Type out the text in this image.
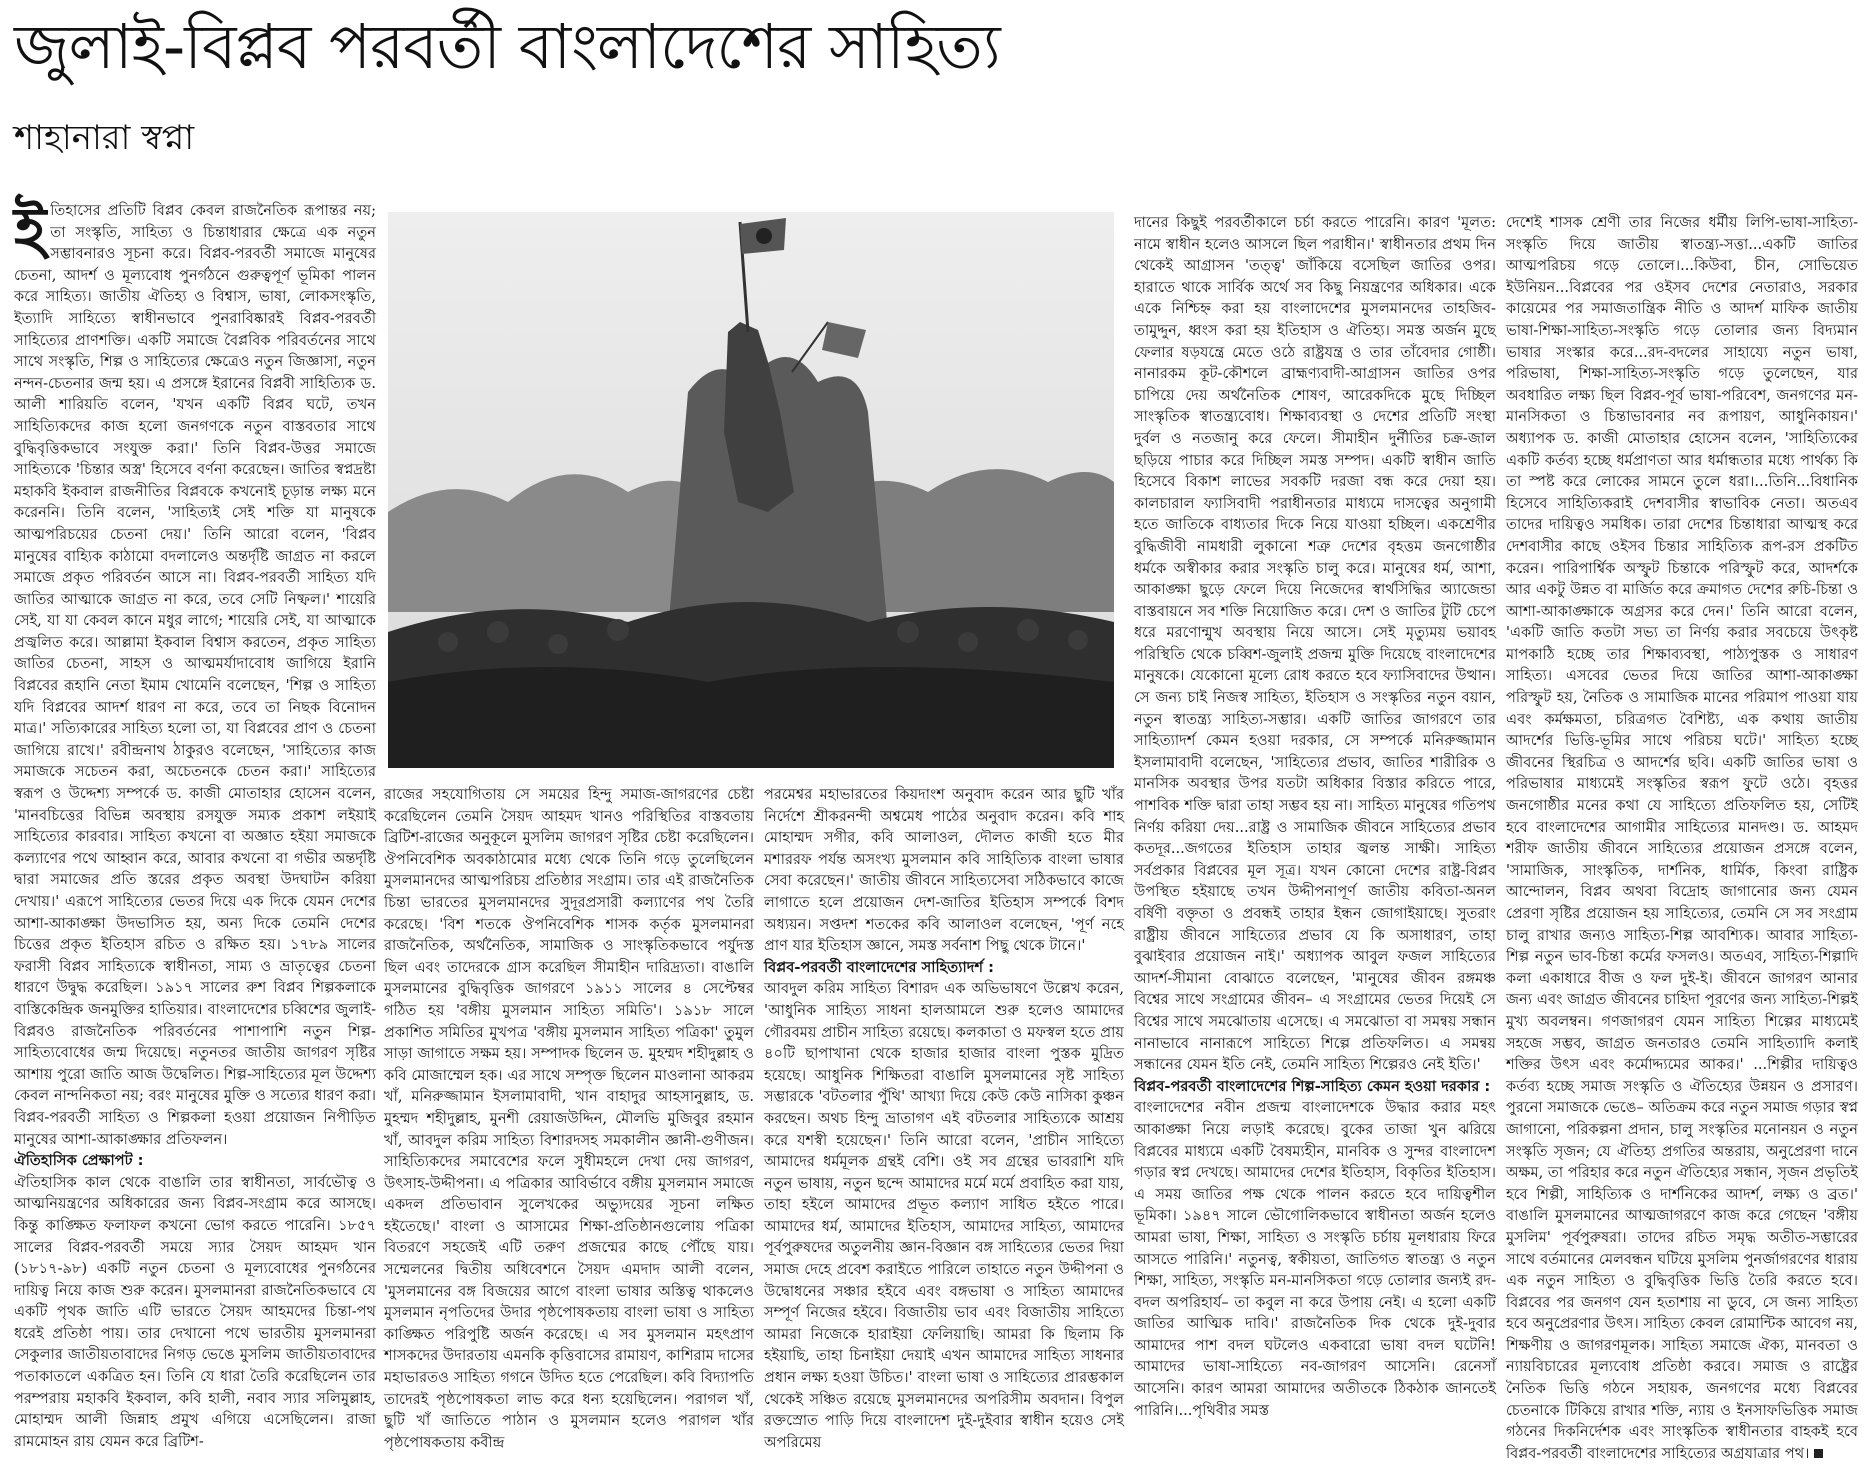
জুলাই-বিপ্লব পরবর্তী বাংলাদেশের সাহিত্য
শাহানারা স্বপ্না

ইতিহাসের প্রতিটি বিপ্লব কেবল রাজনৈতিক রূপান্তর নয়; তা সংস্কৃতি, সাহিত্য ও চিন্তাধারার ক্ষেত্রে এক নতুন সম্ভাবনারও সূচনা করে। বিপ্লব-পরবর্তী সমাজে মানুষের চেতনা, আদর্শ ও মূল্যবোধ পুনর্গঠনে গুরুত্বপূর্ণ ভূমিকা পালন করে সাহিত্য। জাতীয় ঐতিহ্য ও বিশ্বাস, ভাষা, লোকসংস্কৃতি, ইত্যাদি সাহিত্যে স্বাধীনভাবে পুনরাবিষ্কারই বিপ্লব-পরবর্তী সাহিত্যের প্রাণশক্তি। একটি সমাজে বৈপ্লবিক পরিবর্তনের সাথে সাথে সংস্কৃতি, শিল্প ও সাহিত্যের ক্ষেত্রেও নতুন জিজ্ঞাসা, নতুন নন্দন-চেতনার জন্ম হয়। এ প্রসঙ্গে ইরানের বিপ্লবী সাহিত্যিক ড. আলী শারিয়তি বলেন, 'যখন একটি বিপ্লব ঘটে, তখন সাহিত্যিকদের কাজ হলো জনগণকে নতুন বাস্তবতার সাথে বুদ্ধিবৃত্তিকভাবে সংযুক্ত করা।' তিনি বিপ্লব-উত্তর সমাজে সাহিত্যকে 'চিন্তার অস্ত্র' হিসেবে বর্ণনা করেছেন। জাতির স্বপ্নদ্রষ্টা মহাকবি ইকবাল রাজনীতির বিপ্লবকে কখনোই চূড়ান্ত লক্ষ্য মনে করেননি। তিনি বলেন, 'সাহিত্যই সেই শক্তি যা মানুষকে আত্মপরিচয়ের চেতনা দেয়।' তিনি আরো বলেন, 'বিপ্লব মানুষের বাহ্যিক কাঠামো বদলালেও অন্তর্দৃষ্টি জাগ্রত না করলে সমাজে প্রকৃত পরিবর্তন আসে না। বিপ্লব-পরবর্তী সাহিত্য যদি জাতির আত্মাকে জাগ্রত না করে, তবে সেটি নিষ্ফল।' শায়েরি সেই, যা যা কেবল কানে মধুর লাগে; শায়েরি সেই, যা আত্মাকে প্রজ্বলিত করে। আল্লামা ইকবাল বিশ্বাস করতেন, প্রকৃত সাহিত্য জাতির চেতনা, সাহস ও আত্মমর্যাদাবোধ জাগিয়ে ইরানি বিপ্লবের রূহানি নেতা ইমাম খোমেনি বলেছেন, 'শিল্প ও সাহিত্য যদি বিপ্লবের আদর্শ ধারণ না করে, তবে তা নিছক বিনোদন মাত্র।' সত্যিকারের সাহিত্য হলো তা, যা বিপ্লবের প্রাণ ও চেতনা জাগিয়ে রাখে।' রবীন্দ্রনাথ ঠাকুরও বলেছেন, 'সাহিত্যের কাজ সমাজকে সচেতন করা, অচেতনকে চেতন করা।' সাহিত্যের স্বরূপ ও উদ্দেশ্য সম্পর্কে ড. কাজী মোতাহার হোসেন বলেন, 'মানবচিত্তের বিভিন্ন অবস্থায় রসযুক্ত সম্যক প্রকাশ লইয়াই সাহিত্যের কারবার। সাহিত্য কখনো বা অজ্ঞাত হইয়া সমাজকে কল্যাণের পথে আহ্বান করে, আবার কখনো বা গভীর অন্তর্দৃষ্টি দ্বারা সমাজের প্রতি স্তরের প্রকৃত অবস্থা উদঘাটন করিয়া দেখায়।' এরূপে সাহিত্যের ভেতর দিয়ে এক দিকে যেমন দেশের আশা-আকাঙ্ক্ষা উদভাসিত হয়, অন্য দিকে তেমনি দেশের চিত্তের প্রকৃত ইতিহাস রচিত ও রক্ষিত হয়। ১৭৮৯ সালের ফরাসী বিপ্লব সাহিত্যকে স্বাধীনতা, সাম্য ও ভ্রাতৃত্বের চেতনা ধারণে উদ্বুদ্ধ করেছিল। ১৯১৭ সালের রুশ বিপ্লব শিল্পকলাকে বাস্তিকেন্দ্রিক জনমুক্তির হাতিয়ার। বাংলাদেশের চব্বিশের জুলাই-বিপ্লবও রাজনৈতিক পরিবর্তনের পাশাপাশি নতুন শিল্প-সাহিত্যবোধের জন্ম দিয়েছে। নতুনতর জাতীয় জাগরণ সৃষ্টির আশায় পুরো জাতি আজ উদ্বেলিত। শিল্প-সাহিত্যের মূল উদ্দেশ্য কেবল নান্দনিকতা নয়; বরং মানুষের মুক্তি ও সত্যের ধারণ করা। বিপ্লব-পরবর্তী সাহিত্য ও শিল্পকলা হওয়া প্রয়োজন নিপীড়িত মানুষের আশা-আকাঙ্ক্ষার প্রতিফলন।

ঐতিহাসিক প্রেক্ষাপট :

ঐতিহাসিক কাল থেকে বাঙালি তার স্বাধীনতা, সার্বভৌত্ব ও আত্মনিয়ন্ত্রণের অধিকারের জন্য বিপ্লব-সংগ্রাম করে আসছে। কিন্তু কাঙ্ক্ষিত ফলাফল কখনো ভোগ করতে পারেনি। ১৮৫৭ সালের বিপ্লব-পরবর্তী সময়ে স্যার সৈয়দ আহমদ খান (১৮১৭-৯৮) একটি নতুন চেতনা ও মূল্যবোধের পুনর্গঠনের দায়িত্ব নিয়ে কাজ শুরু করেন। মুসলমানরা রাজনৈতিকভাবে যে একটি পৃথক জাতি এটি ভারতে সৈয়দ আহমদের চিন্তা-পথ ধরেই প্রতিষ্ঠা পায়। তার দেখানো পথে ভারতীয় মুসলমানরা সেকুলার জাতীয়তাবাদের নিগড় ভেঙে মুসলিম জাতীয়তাবাদের পতাকাতলে একত্রিত হন। তিনি যে ধারা তৈরি করেছিলেন তার পরম্পরায় মহাকবি ইকবাল, কবি হালী, নবাব স্যার সলিমুল্লাহ, মোহাম্মদ আলী জিন্নাহ প্রমুখ এগিয়ে এসেছিলেন। রাজা রামমোহন রায় যেমন করে ব্রিটিশ-

রাজের সহযোগিতায় সে সময়ের হিন্দু সমাজ-জাগরণের চেষ্টা করেছিলেন তেমনি সৈয়দ আহমদ খানও পরিস্থিতির বাস্তবতায় ব্রিটিশ-রাজের অনুকূলে মুসলিম জাগরণ সৃষ্টির চেষ্টা করেছিলেন। ঔপনিবেশিক অবকাঠামোর মধ্যে থেকে তিনি গড়ে তুলেছিলেন মুসলমানদের আত্মপরিচয় প্রতিষ্ঠার সংগ্রাম। তার এই রাজনৈতিক চিন্তা ভারতের মুসলমানদের সুদূরপ্রসারী কল্যাণের পথ তৈরি করেছে। 'বিশ শতকে ঔপনিবেশিক শাসক কর্তৃক মুসলমানরা রাজনৈতিক, অর্থনৈতিক, সামাজিক ও সাংস্কৃতিকভাবে পর্যুদস্ত ছিল এবং তাদেরকে গ্রাস করেছিল সীমাহীন দারিদ্র্যতা। বাঙালি মুসলমানের বুদ্ধিবৃত্তিক জাগরণে ১৯১১ সালের ৪ সেপ্টেম্বর গঠিত হয় 'বঙ্গীয় মুসলমান সাহিত্য সমিতি'। ১৯১৮ সালে প্রকাশিত সমিতির মুখপত্র 'বঙ্গীয় মুসলমান সাহিত্য পত্রিকা' তুমুল সাড়া জাগাতে সক্ষম হয়। সম্পাদক ছিলেন ড. মুহম্মদ শহীদুল্লাহ ও কবি মোজাম্মেল হক। এর সাথে সম্পৃক্ত ছিলেন মাওলানা আকরম খাঁ, মনিরুজ্জামান ইসলামাবাদী, খান বাহাদুর আহসানুল্লাহ, ড. মুহম্মদ শহীদুল্লাহ, মুনশী রেয়াজউদ্দিন, মৌলভি মুজিবুর রহমান খাঁ, আবদুল করিম সাহিত্য বিশারদসহ সমকালীন জ্ঞানী-গুণীজন। সাহিত্যিকদের সমাবেশের ফলে সুধীমহলে দেখা দেয় জাগরণ, উৎসাহ-উদ্দীপনা। এ পত্রিকার আবির্ভাবে বঙ্গীয় মুসলমান সমাজে একদল প্রতিভাবান সুলেখকের অভ্যুদয়ের সূচনা লক্ষিত হইতেছে।' বাংলা ও আসামের শিক্ষা-প্রতিষ্ঠানগুলোয় পত্রিকা বিতরণে সহজেই এটি তরুণ প্রজন্মের কাছে পৌঁছে যায়। সম্মেলনের দ্বিতীয় অধিবেশনে সৈয়দ এমদাদ আলী বলেন, 'মুসলমানের বঙ্গ বিজয়ের আগে বাংলা ভাষার অস্তিত্ব থাকলেও মুসলমান নৃপতিদের উদার পৃষ্ঠপোষকতায় বাংলা ভাষা ও সাহিত্য কাঙ্ক্ষিত পরিপুষ্টি অর্জন করেছে। এ সব মুসলমান মহৎপ্রাণ শাসকদের উদারতায় এমনকি কৃত্তিবাসের রামায়ণ, কাশিরাম দাসের মহাভারতও সাহিত্য গগনে উদিত হতে পেরেছিল। কবি বিদ্যাপতি তাদেরই পৃষ্ঠপোষকতা লাভ করে ধন্য হয়েছিলেন। পরাগল খাঁ, ছুটি খাঁ জাতিতে পাঠান ও মুসলমান হলেও পরাগল খাঁর পৃষ্ঠপোষকতায় কবীন্দ্র

পরমেশ্বর মহাভারতের কিয়দাংশ অনুবাদ করেন আর ছুটি খাঁর নির্দেশে শ্রীকরনন্দী অশ্বমেধ পাঠের অনুবাদ করেন। কবি শাহ মোহাম্মদ সগীর, কবি আলাওল, দৌলত কাজী হতে মীর মশাররফ পর্যন্ত অসংখ্য মুসলমান কবি সাহিত্যিক বাংলা ভাষার সেবা করেছেন।' জাতীয় জীবনে সাহিত্যসেবা সঠিকভাবে কাজে লাগাতে হলে প্রয়োজন দেশ-জাতির ইতিহাস সম্পর্কে বিশদ অধ্যয়ন। সপ্তদশ শতকের কবি আলাওল বলেছেন, 'পূর্ণ নহে প্রাণ যার ইতিহাস জ্ঞানে, সমস্ত সর্বনাশ পিছু থেকে টানে।'

বিপ্লব-পরবর্তী বাংলাদেশের সাহিত্যাদর্শ :

আবদুল করিম সাহিত্য বিশারদ এক অভিভাষণে উল্লেখ করেন, 'আধুনিক সাহিত্য সাধনা হালআমলে শুরু হলেও আমাদের গৌরবময় প্রাচীন সাহিত্য রয়েছে। কলকাতা ও মফস্বল হতে প্রায় ৪০টি ছাপাখানা থেকে হাজার হাজার বাংলা পুস্তক মুদ্রিত হয়েছে। আধুনিক শিক্ষিতরা বাঙালি মুসলমানের সৃষ্ট সাহিত্য সম্ভারকে 'বটতলার পুঁথি' আখ্যা দিয়ে কেউ কেউ নাসিকা কুঞ্চন করছেন। অথচ হিন্দু ভ্রাতাগণ এই বটতলার সাহিত্যকে আশ্রয় করে যশস্বী হয়েছেন।' তিনি আরো বলেন, 'প্রাচীন সাহিত্যে আমাদের ধর্মমূলক গ্রন্থই বেশি। ওই সব গ্রন্থের ভাবরাশি যদি নতুন ভাষায়, নতুন ছন্দে আমাদের মর্মে মর্মে প্রবাহিত করা যায়, তাহা হইলে আমাদের প্রভূত কল্যাণ সাধিত হইতে পারে। আমাদের ধর্ম, আমাদের ইতিহাস, আমাদের সাহিত্য, আমাদের পূর্বপুরুষদের অতুলনীয় জ্ঞান-বিজ্ঞান বঙ্গ সাহিত্যের ভেতর দিয়া সমাজ দেহে প্রবেশ করাইতে পারিলে তাহাতে নতুন উদ্দীপনা ও উদ্বোধনের সঞ্চার হইবে এবং বঙ্গভাষা ও সাহিত্য আমাদের সম্পূর্ণ নিজের হইবে। বিজাতীয় ভাব এবং বিজাতীয় সাহিত্যে আমরা নিজেকে হারাইয়া ফেলিয়াছি। আমরা কি ছিলাম কি হইয়াছি, তাহা চিনাইয়া দেয়াই এখন আমাদের সাহিত্য সাধনার প্রধান লক্ষ্য হওয়া উচিত।' বাংলা ভাষা ও সাহিত্যের প্রারম্ভকাল থেকেই সঞ্চিত রয়েছে মুসলমানদের অপরিসীম অবদান। বিপুল রক্তস্রোত পাড়ি দিয়ে বাংলাদেশ দুই-দুইবার স্বাধীন হয়েও সেই অপরিমেয়

দানের কিছুই পরবর্তীকালে চর্চা করতে পারেনি। কারণ 'মূলত: নামে স্বাধীন হলেও আসলে ছিল পরাধীন।' স্বাধীনতার প্রথম দিন থেকেই আগ্রাসন 'তত্ত্ব' জাঁকিয়ে বসেছিল জাতির ওপর। হারাতে থাকে সার্বিক অর্থে সব কিছু নিয়ন্ত্রণের অধিকার। একে একে নিশ্চিহ্ন করা হয় বাংলাদেশের মুসলমানদের তাহজিব-তামুদ্দুন, ধ্বংস করা হয় ইতিহাস ও ঐতিহ্য। সমস্ত অর্জন মুছে ফেলার ষড়যন্ত্রে মেতে ওঠে রাষ্ট্রযন্ত্র ও তার তাঁবেদার গোষ্ঠী। নানারকম কূট-কৌশলে ব্রাহ্মণ্যবাদী-আগ্রাসন জাতির ওপর চাপিয়ে দেয় অর্থনৈতিক শোষণ, আরেকদিকে মুছে দিচ্ছিল সাংস্কৃতিক স্বাতন্ত্র্যবোধ। শিক্ষাব্যবস্থা ও দেশের প্রতিটি সংস্থা দুর্বল ও নতজানু করে ফেলে। সীমাহীন দুর্নীতির চক্র-জাল ছড়িয়ে পাচার করে দিচ্ছিল সমস্ত সম্পদ। একটি স্বাধীন জাতি হিসেবে বিকাশ লাভের সবকটি দরজা বন্ধ করে দেয়া হয়। কালচারাল ফ্যাসিবাদী পরাধীনতার মাধ্যমে দাসত্বের অনুগামী হতে জাতিকে বাধ্যতার দিকে নিয়ে যাওয়া হচ্ছিল। একশ্রেণীর বুদ্ধিজীবী নামধারী লুকানো শত্রু দেশের বৃহত্তম জনগোষ্ঠীর ধর্মকে অস্বীকার করার সংস্কৃতি চালু করে। মানুষের ধর্ম, আশা, আকাঙ্ক্ষা ছুড়ে ফেলে দিয়ে নিজেদের স্বার্থসিদ্ধির অ্যাজেন্ডা বাস্তবায়নে সব শক্তি নিয়োজিত করে। দেশ ও জাতির টুটি চেপে ধরে মরণোন্মুখ অবস্থায় নিয়ে আসে। সেই মৃত্যুময় ভয়াবহ পরিস্থিতি থেকে চব্বিশ-জুলাই প্রজন্ম মুক্তি দিয়েছে বাংলাদেশের মানুষকে। যেকোনো মূল্যে রোধ করতে হবে ফ্যাসিবাদের উত্থান। সে জন্য চাই নিজস্ব সাহিত্য, ইতিহাস ও সংস্কৃতির নতুন বয়ান, নতুন স্বাতন্ত্র্য সাহিত্য-সম্ভার। একটি জাতির জাগরণে তার সাহিত্যাদর্শ কেমন হওয়া দরকার, সে সম্পর্কে মনিরুজ্জামান ইসলামাবাদী বলেছেন, 'সাহিত্যের প্রভাব, জাতির শারীরিক ও মানসিক অবস্থার উপর যতটা অধিকার বিস্তার করিতে পারে, পাশবিক শক্তি দ্বারা তাহা সম্ভব হয় না। সাহিত্য মানুষের গতিপথ নির্ণয় করিয়া দেয়...রাষ্ট্র ও সামাজিক জীবনে সাহিত্যের প্রভাব কতদূর...জগতের ইতিহাস তাহার জ্বলন্ত সাক্ষী। সাহিত্য সর্বপ্রকার বিপ্লবের মূল সূত্র। যখন কোনো দেশের রাষ্ট্র-বিপ্লব উপস্থিত হইয়াছে তখন উদ্দীপনাপূর্ণ জাতীয় কবিতা-অনল বর্ষিণী বক্তৃতা ও প্রবন্ধই তাহার ইন্ধন জোগাইয়াছে। সুতরাং রাষ্ট্রীয় জীবনে সাহিত্যের প্রভাব যে কি অসাধারণ, তাহা বুঝাইবার প্রয়োজন নাই।' অধ্যাপক আবুল ফজল সাহিত্যের আদর্শ-সীমানা বোঝাতে বলেছেন, 'মানুষের জীবন রঙ্গমঞ্চ বিশ্বের সাথে সংগ্রামের জীবন– এ সংগ্রামের ভেতর দিয়েই সে বিশ্বের সাথে সমঝোতায় এসেছে। এ সমঝোতা বা সমন্বয় সন্ধান নানাভাবে নানারূপে সাহিত্যে শিল্পে প্রতিফলিত। এ সমন্বয় সন্ধানের যেমন ইতি নেই, তেমনি সাহিত্য শিল্পেরও নেই ইতি।'

বিপ্লব-পরবর্তী বাংলাদেশের শিল্প-সাহিত্য কেমন হওয়া দরকার :

বাংলাদেশের নবীন প্রজন্ম বাংলাদেশকে উদ্ধার করার মহৎ আকাঙ্ক্ষা নিয়ে লড়াই করেছে। বুকের তাজা খুন ঝরিয়ে বিপ্লবের মাধ্যমে একটি বৈষম্যহীন, মানবিক ও সুন্দর বাংলাদেশ গড়ার স্বপ্ন দেখছে। আমাদের দেশের ইতিহাস, বিকৃতির ইতিহাস। এ সময় জাতির পক্ষ থেকে পালন করতে হবে দায়িত্বশীল ভূমিকা। ১৯৪৭ সালে ভৌগোলিকভাবে স্বাধীনতা অর্জন হলেও আমরা ভাষা, শিক্ষা, সাহিত্য ও সংস্কৃতি চর্চায় মূলধারায় ফিরে আসতে পারিনি।' নতুনত্ব, স্বকীয়তা, জাতিগত স্বাতন্ত্র্য ও নতুন শিক্ষা, সাহিত্য, সংস্কৃতি মন-মানসিকতা গড়ে তোলার জন্যই রদ-বদল অপরিহার্য– তা কবুল না করে উপায় নেই। এ হলো একটি জাতির আত্মিক দাবি।' রাজনৈতিক দিক থেকে দুই-দুবার আমাদের পাশ বদল ঘটলেও একবারো ভাষা বদল ঘটেনি! আমাদের ভাষা-সাহিত্যে নব-জাগরণ আসেনি। রেনেসাঁ আসেনি। কারণ আমরা আমাদের অতীতকে ঠিকঠাক জানতেই পারিনি।...পৃথিবীর সমস্ত

দেশেই শাসক শ্রেণী তার নিজের ধর্মীয় লিপি-ভাষা-সাহিত্য-সংস্কৃতি দিয়ে জাতীয় স্বাতন্ত্র্য-সত্তা...একটি জাতির আত্মপরিচয় গড়ে তোলে।...কিউবা, চীন, সোভিয়েত ইউনিয়ন...বিপ্লবের পর ওইসব দেশের নেতারাও, সরকার কায়েমের পর সমাজতান্ত্রিক নীতি ও আদর্শ মাফিক জাতীয় ভাষা-শিক্ষা-সাহিত্য-সংস্কৃতি গড়ে তোলার জন্য বিদ্যমান ভাষার সংস্কার করে...রদ-বদলের সাহায্যে নতুন ভাষা, পরিভাষা, শিক্ষা-সাহিত্য-সংস্কৃতি গড়ে তুলেছেন, যার অবধারিত লক্ষ্য ছিল বিপ্লব-পূর্ব ভাষা-পরিবেশ, জনগণের মন-মানসিকতা ও চিন্তাভাবনার নব রূপায়ণ, আধুনিকায়ন।' অধ্যাপক ড. কাজী মোতাহার হোসেন বলেন, 'সাহিত্যিকের একটি কর্তব্য হচ্ছে ধর্মপ্রাণতা আর ধর্মান্ধতার মধ্যে পার্থক্য কি তা স্পষ্ট করে লোকের সামনে তুলে ধরা।...তিনি...বিধানিক হিসেবে সাহিত্যিকরাই দেশবাসীর স্বাভাবিক নেতা। অতএব তাদের দায়িত্বও সমধিক। তারা দেশের চিন্তাধারা আত্মস্থ করে দেশবাসীর কাছে ওইসব চিন্তার সাহিত্যিক রূপ-রস প্রকটিত করেন। পারিপার্শ্বিক অস্ফুট চিন্তাকে পরিস্ফুট করে, আদর্শকে আর একটু উন্নত বা মার্জিত করে ক্রমাগত দেশের রুচি-চিন্তা ও আশা-আকাঙ্ক্ষাকে অগ্রসর করে দেন।' তিনি আরো বলেন, 'একটি জাতি কতটা সভ্য তা নির্ণয় করার সবচেয়ে উৎকৃষ্ট মাপকাঠি হচ্ছে তার শিক্ষাব্যবস্থা, পাঠ্যপুস্তক ও সাধারণ সাহিত্য। এসবের ভেতর দিয়ে জাতির আশা-আকাঙ্ক্ষা পরিস্ফুট হয়, নৈতিক ও সামাজিক মানের পরিমাপ পাওয়া যায় এবং কর্মক্ষমতা, চরিত্রগত বৈশিষ্ট্য, এক কথায় জাতীয় আদর্শের ভিত্তি-ভূমির সাথে পরিচয় ঘটে।' সাহিত্য হচ্ছে জীবনের স্থিরচিত্র ও আদর্শের ছবি। একটি জাতির ভাষা ও পরিভাষার মাধ্যমেই সংস্কৃতির স্বরূপ ফুটে ওঠে। বৃহত্তর জনগোষ্ঠীর মনের কথা যে সাহিত্যে প্রতিফলিত হয়, সেটিই হবে বাংলাদেশের আগামীর সাহিত্যের মানদণ্ড। ড. আহমদ শরীফ জাতীয় জীবনে সাহিত্যের প্রয়োজন প্রসঙ্গে বলেন, 'সামাজিক, সাংস্কৃতিক, দার্শনিক, ধার্মিক, কিংবা রাষ্ট্রিক আন্দোলন, বিপ্লব অথবা বিদ্রোহ জাগানোর জন্য যেমন প্রেরণা সৃষ্টির প্রয়োজন হয় সাহিত্যের, তেমনি সে সব সংগ্রাম চালু রাখার জন্যও সাহিত্য-শিল্প আবশ্যিক। আবার সাহিত্য-শিল্প নতুন ভাব-চিন্তা কর্মের ফসলও। অতএব, সাহিত্য-শিল্পাদি কলা একাধারে বীজ ও ফল দুই-ই। জীবনে জাগরণ আনার জন্য এবং জাগ্রত জীবনের চাহিদা পূরণের জন্য সাহিত্য-শিল্পই মুখ্য অবলম্বন। গণজাগরণ যেমন সাহিত্য শিল্পের মাধ্যমেই সহজে সম্ভব, জাগ্রত জনতারও তেমনি সাহিত্যাদি কলাই শক্তির উৎস এবং কর্মোদ্দ্যমের আকর।' ...শিল্পীর দায়িত্বও কর্তব্য হচ্ছে সমাজ সংস্কৃতি ও ঐতিহ্যের উন্নয়ন ও প্রসারণ। পুরনো সমাজকে ভেঙে– অতিক্রম করে নতুন সমাজ গড়ার স্বপ্ন জাগানো, পরিকল্পনা প্রদান, চালু সংস্কৃতির মনোনয়ন ও নতুন সংস্কৃতি সৃজন; যে ঐতিহ্য প্রগতির অন্তরায়, অনুপ্রেরণা দানে অক্ষম, তা পরিহার করে নতুন ঐতিহ্যের সন্ধান, সৃজন প্রভৃতিই হবে শিল্পী, সাহিত্যিক ও দার্শনিকের আদর্শ, লক্ষ্য ও ব্রত।' বাঙালি মুসলমানের আত্মজাগরণে কাজ করে গেছেন 'বঙ্গীয় মুসলিম' পূর্বপুরুষরা। তাদের রচিত সমৃদ্ধ অতীত-সম্ভারের সাথে বর্তমানের মেলবন্ধন ঘটিয়ে মুসলিম পুনর্জাগরণের ধারায় এক নতুন সাহিত্য ও বুদ্ধিবৃত্তিক ভিত্তি তৈরি করতে হবে। বিপ্লবের পর জনগণ যেন হতাশায় না ডুবে, সে জন্য সাহিত্য হবে অনুপ্রেরণার উৎস। সাহিত্য কেবল রোমান্টিক আবেগ নয়, শিক্ষণীয় ও জাগরণমূলক। সাহিত্য সমাজে ঐক্য, মানবতা ও ন্যায়বিচারের মূল্যবোধ প্রতিষ্ঠা করবে। সমাজ ও রাষ্ট্রের নৈতিক ভিত্তি গঠনে সহায়ক, জনগণের মধ্যে বিপ্লবের চেতনাকে টিকিয়ে রাখার শক্তি, ন্যায় ও ইনসাফভিত্তিক সমাজ গঠনের দিকনির্দেশক এবং সাংস্কৃতিক স্বাধীনতার বাহকই হবে বিপ্লব-পরবর্তী বাংলাদেশের সাহিত্যের অগ্রযাত্রার পথ।
